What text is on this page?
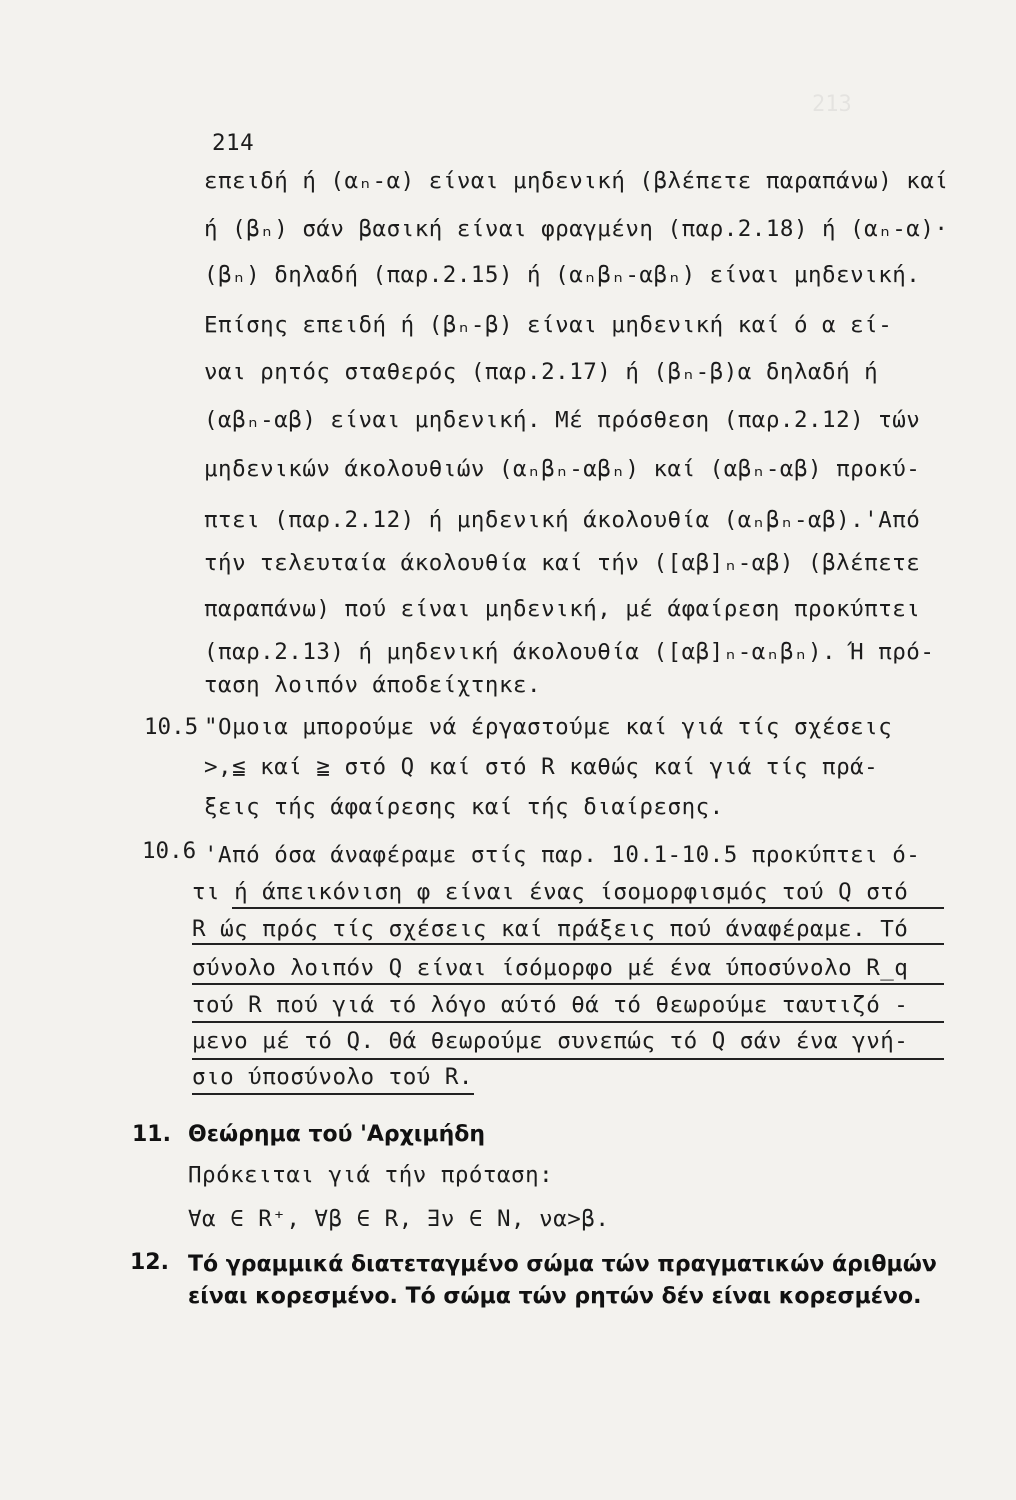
213
214
επειδή ή (αₙ-α) είναι μηδενική (βλέπετε παραπάνω) καί
ή (βₙ) σάν βασική είναι φραγμένη (παρ.2.18) ή (αₙ-α)·
(βₙ) δηλαδή (παρ.2.15) ή (αₙβₙ-αβₙ) είναι μηδενική.
Επίσης επειδή ή (βₙ-β) είναι μηδενική καί ό α εί-
ναι ρητός σταθερός (παρ.2.17) ή (βₙ-β)α δηλαδή ή
(αβₙ-αβ) είναι μηδενική. Μέ πρόσθεση (παρ.2.12) τών
μηδενικών άκολουθιών (αₙβₙ-αβₙ) καί (αβₙ-αβ) προκύ-
πτει (παρ.2.12) ή μηδενική άκολουθία (αₙβₙ-αβ).'Από
τήν τελευταία άκολουθία καί τήν ([αβ]ₙ-αβ) (βλέπετε
παραπάνω) πού είναι μηδενική, μέ άφαίρεση προκύπτει
(παρ.2.13) ή μηδενική άκολουθία ([αβ]ₙ-αₙβₙ). Ή πρό-
ταση λοιπόν άποδείχτηκε.
10.5 "Ομοια μπορούμε νά έργαστούμε καί γιά τίς σχέσεις
>,≦ καί ≧ στό Q καί στό R καθώς καί γιά τίς πρά-
ξεις τής άφαίρεσης καί τής διαίρεσης.
10.6 'Από όσα άναφέραμε στίς παρ. 10.1-10.5 προκύπτει ό-
τι ή άπεικόνιση φ είναι ένας ίσομορφισμός τού Q στό
R ώς πρός τίς σχέσεις καί πράξεις πού άναφέραμε. Τό
σύνολο λοιπόν Q είναι ίσόμορφο μέ ένα ύποσύνολο R_q
τού R πού γιά τό λόγο αύτό θά τό θεωρούμε ταυτιζό -
μενο μέ τό Q. Θά θεωρούμε συνεπώς τό Q σάν ένα γνή-
σιο ύποσύνολο τού R.
11. Θεώρημα τού 'Αρχιμήδη
Πρόκειται γιά τήν πρόταση:
∀α ∈ R⁺, ∀β ∈ R, ∃ν ∈ N, να>β.
12. Τό γραμμικά διατεταγμένο σώμα τών πραγματικών άριθμών
είναι κορεσμένο. Τό σώμα τών ρητών δέν είναι κορεσμένο.
